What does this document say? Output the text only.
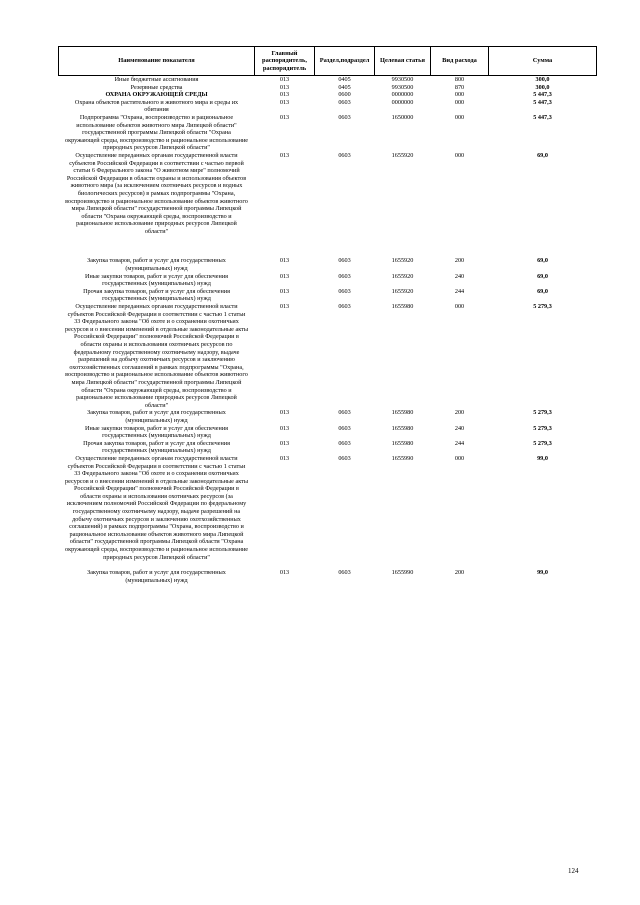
Наименование показателя	Главный распорядитель, распорядитель	Раздел,подраздел	Целевая статья	Вид расхода	Сумма
Иные бюджетные ассигнования	013	0405	9930500	800	300,0
Резервные средства	013	0405	9930500	870	300,0
ОХРАНА ОКРУЖАЮЩЕЙ СРЕДЫ	013	0600	0000000	000	5 447,3
Охрана объектов растительного и животного мира и среды их обитания	013	0603	0000000	000	5 447,3
Подпрограмма "Охрана, воспроизводство и рациональное использование объектов животного мира Липецкой области" государственной программы Липецкой области "Охрана окружающей среды, воспроизводство и рациональное использование природных ресурсов Липецкой области"	013	0603	1650000	000	5 447,3
Осуществление переданных органам государственной власти субъектов Российской Федерации в соответствии с частью первой статьи 6 Федерального закона "О животном мире" полномочий Российской Федерации в области охраны и использования объектов животного мира (за исключением охотничьих ресурсов и водных биологических ресурсов) в рамках подпрограммы "Охрана, воспроизводство и рациональное использование объектов животного мира Липецкой области" государственной программы Липецкой области "Охрана окружающей среды, воспроизводство и рациональное использование природных ресурсов Липецкой области"	013	0603	1655920	000	69,0
Закупка товаров, работ и услуг для государственных (муниципальных) нужд	013	0603	1655920	200	69,0
Иные закупки товаров, работ и услуг для обеспечения государственных (муниципальных) нужд	013	0603	1655920	240	69,0
Прочая закупка товаров, работ и услуг для обеспечения государственных (муниципальных) нужд	013	0603	1655920	244	69,0
Осуществление переданных органам государственной власти субъектов Российской Федерации в соответствии с частью 1 статьи 33 Федерального закона "Об охоте и о сохранении охотничьих ресурсов и о внесении изменений в отдельные законодательные акты Российской Федерации" полномочий Российской Федерации в области охраны и использования охотничьих ресурсов по федеральному государственному охотничьему надзору, выдаче разрешений на добычу охотничьих ресурсов и заключению охотхозяйственных соглашений в рамках подпрограммы "Охрана, воспроизводство и рациональное использование объектов животного мира Липецкой области" государственной программы Липецкой области "Охрана окружающей среды, воспроизводство и рациональное использование природных ресурсов Липецкой области"	013	0603	1655980	000	5 279,3
Закупка товаров, работ и услуг для государственных (муниципальных) нужд	013	0603	1655980	200	5 279,3
Иные закупки товаров, работ и услуг для обеспечения государственных (муниципальных) нужд	013	0603	1655980	240	5 279,3
Прочая закупка товаров, работ и услуг для обеспечения государственных (муниципальных) нужд	013	0603	1655980	244	5 279,3
Осуществление переданных органам государственной власти субъектов Российской Федерации в соответствии с частью 1 статьи 33 Федерального закона "Об охоте и о сохранении охотничьих ресурсов и о внесении изменений в отдельные законодательные акты Российской Федерации" полномочий Российской Федерации в области охраны и использования охотничьих ресурсов (за исключением полномочий Российской Федерации по федеральному государственному охотничьему надзору, выдаче разрешений на добычу охотничьих ресурсов и заключению охотхозяйственных соглашений) в рамках подпрограммы "Охрана, воспроизводство и рациональное использование объектов животного мира Липецкой области" государственной программы Липецкой области "Охрана окружающей среды, воспроизводство и рациональное использование природных ресурсов Липецкой области"	013	0603	1655990	000	99,0
Закупка товаров, работ и услуг для государственных (муниципальных) нужд	013	0603	1655990	200	99,0
124
